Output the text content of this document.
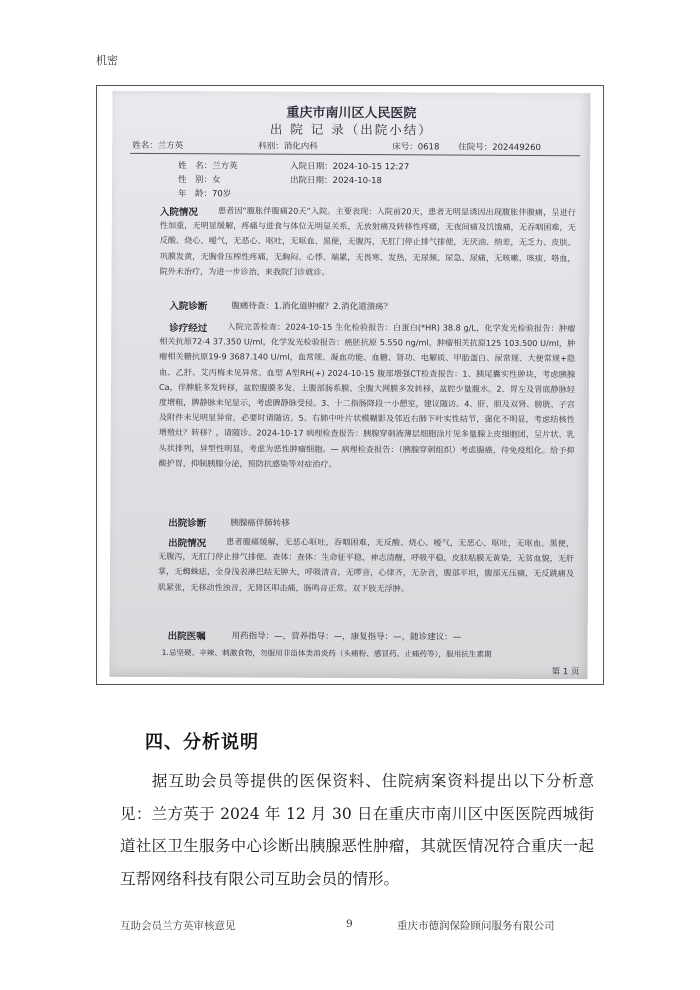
机密
重庆市南川区人民医院
出 院 记 录（出院小结）
姓名：兰方英	科别：消化内科	床号：0618 住院号：202449260
姓　名：兰方英
性　别：女
年　龄：70岁
入院日期：2024-10-15 12:27
出院日期：2024-10-18
入院情况	患者因“腹胀伴腹痛20天”入院。主要表现：入院前20天，患者无明显诱因出现腹胀伴腹痛，呈进行性加重，无明显缓解，疼痛与进食与体位无明显关系，无放射痛及转移性疼痛，无夜间痛及饥饿痛，无吞咽困难，无反酸、烧心、嗳气，无恶心、呕吐，无呕血、黑便，无腹泻，无肛门停止排气排便，无厌油、纳差，无乏力、皮肤、巩膜发黄，无胸骨压榨性疼痛，无胸闷、心悸、端累，无畏寒、发热，无尿频、尿急、尿痛，无咳嗽、咳痰、咯血，院外未治疗，为进一步诊治，来我院门诊就诊。
入院诊断	腹痛待查：1.消化道肿瘤？2.消化道溃疡？
诊疗经过	入院完善检查：2024-10-15 生化检验报告：白蛋白(*HR) 38.8 g/L，化学发光检验报告：肿瘤相关抗原72-4 37.350 U/ml，化学发光检验报告：癌胚抗原 5.550 ng/ml，肿瘤相关抗原125 103.500 U/ml，肿瘤相关糖抗原19-9 3687.140 U/ml，血常规、凝血功能、血糖、肾功、电解质、甲胎蛋白、尿常规、大便常规+隐血、乙肝、艾丙梅未见异常。血型 A型RH(+) 2024-10-15 腹部增强CT检查报告：1、胰尾囊实性肿块，考虑胰腺Ca，伴脾脏多发转移，盆腔腹膜多发、上腹部肠系膜、全腹大网膜多发转移，盆腔少量腹水。2、胃左及胃底静脉轻度增粗，脾静脉未见显示，考虑脾静脉受侵。3、十二指肠降段一小憩室，建议随访。4、肝、胆及双肾、膀胱、子宫及附件未见明显异常，必要时请随访。5、右肺中叶片状模糊影及邻近右肺下叶实性结节，强化不明显，考虑结核性增殖灶？转移？，请随诊。2024-10-17 病理检查报告：胰腺穿刺液薄层细胞涂片见多量腺上皮细胞团，呈片状、乳头状排列，异型性明显，考虑为恶性肿瘤细胞。— 病理检查报告：（胰腺穿刺组织）考虑腺癌，待免疫组化。给予抑酸护胃，抑制胰腺分泌，预防抗感染等对症治疗。
出院诊断	胰腺癌伴肺转移
出院情况	患者腹痛缓解，无恶心呕吐，吞咽困难，无反酸、烧心、嗳气，无恶心、呕吐，无呕血、黑便，无腹泻，无肛门停止排气排便。查体：查体：生命征平稳，神志清醒，呼吸平稳，皮肤粘膜无黄染，无贫血貌，无肝掌，无蜘蛛痣，全身浅表淋巴结无肿大，呼吸清音，无啰音，心律齐，无杂音，腹部平坦，腹部无压痛，无反跳痛及肌紧张，无移动性浊音，无肾区叩击痛，肠鸣音正常。双下肢无浮肿。
出院医嘱	用药指导：—，营养指导：—，康复指导：—，随诊建议：—
1.忌坚硬、辛辣、刺激食物，勿服用非甾体类消炎药（头痛粉、感冒药、止痛药等），服用抗生素期
第 1 页
四、分析说明
据互助会员等提供的医保资料、住院病案资料提出以下分析意见：兰方英于 2024 年 12 月 30 日在重庆市南川区中医医院西城街道社区卫生服务中心诊断出胰腺恶性肿瘤，其就医情况符合重庆一起互帮网络科技有限公司互助会员的情形。
互助会员兰方英审核意见	9	重庆市德润保险顾问服务有限公司
